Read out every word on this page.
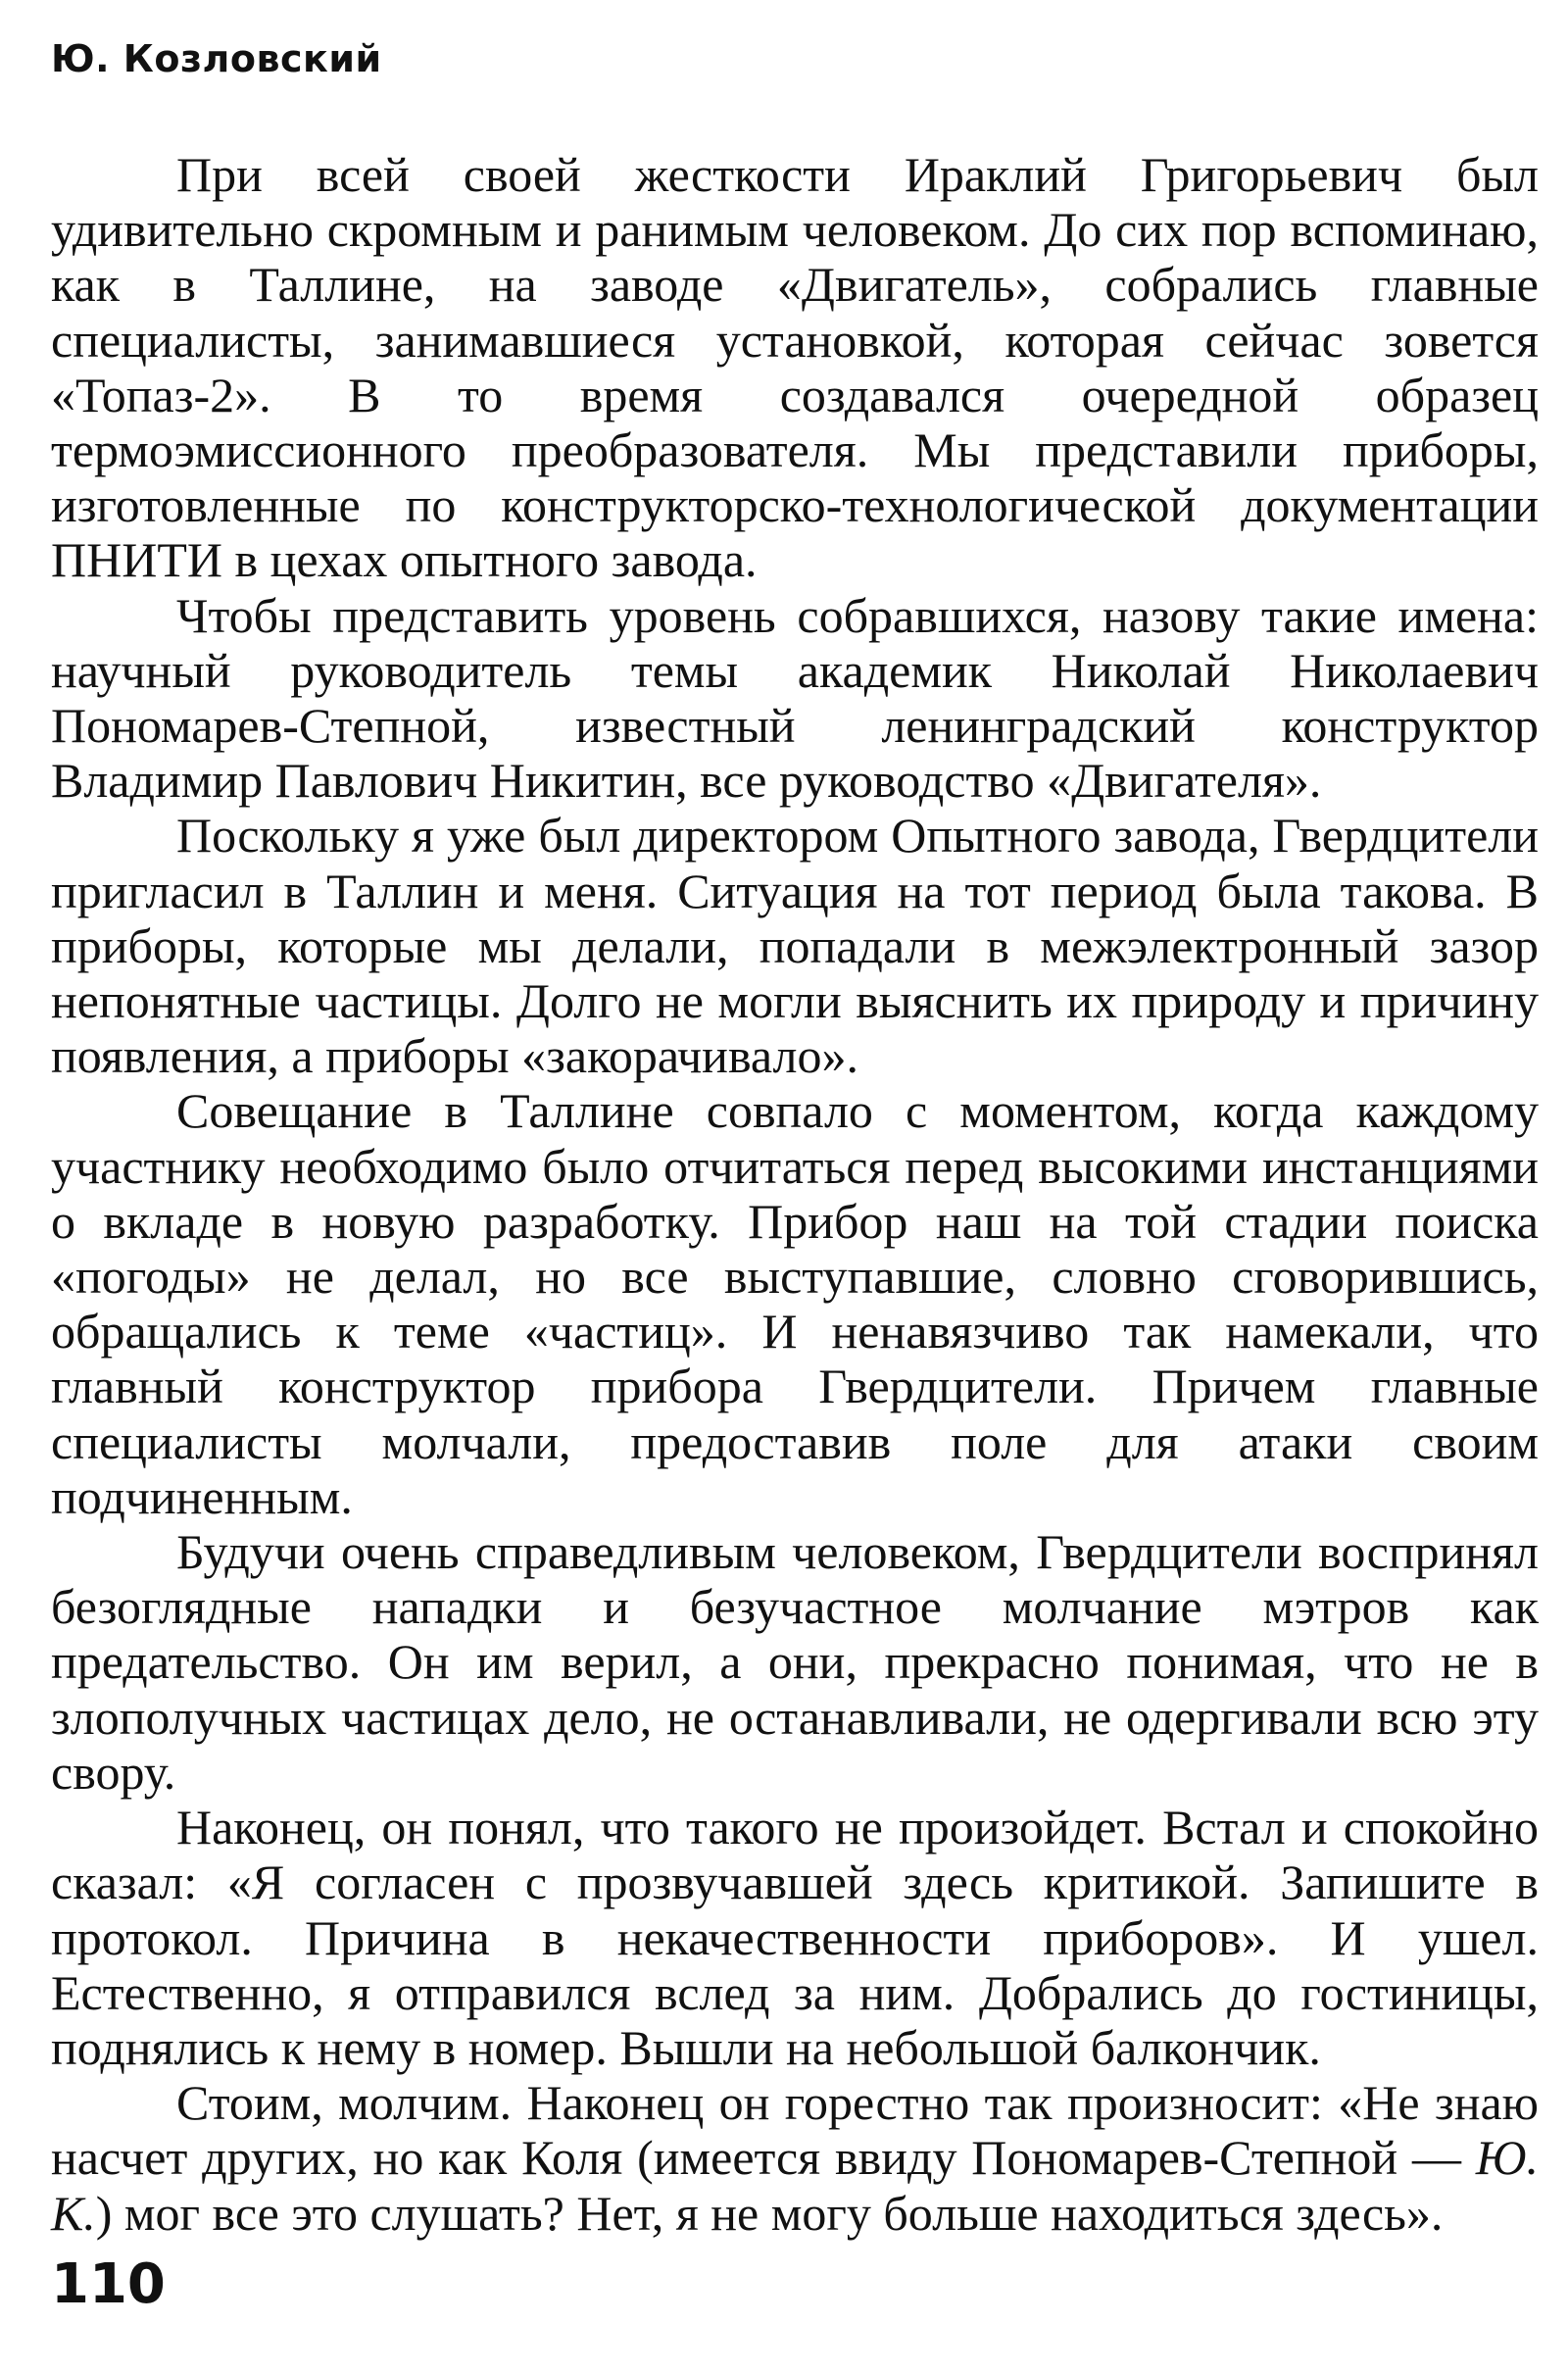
Ю. Козловский

При всей своей жесткости Ираклий Григорьевич был удивительно скромным и ранимым человеком. До сих пор вспоминаю, как в Таллине, на заводе «Двигатель», собрались главные специалисты, занимавшиеся установкой, которая сейчас зовется «Топаз-2». В то время создавался очередной образец термоэмиссионного преобразователя. Мы представили приборы, изготовленные по конструкторско-технологической документации ПНИТИ в цехах опытного завода.

Чтобы представить уровень собравшихся, назову такие имена: научный руководитель темы академик Николай Николаевич Пономарев-Степной, известный ленинградский конструктор Владимир Павлович Никитин, все руководство «Двигателя».

Поскольку я уже был директором Опытного завода, Гвердцители пригласил в Таллин и меня. Ситуация на тот период была такова. В приборы, которые мы делали, попадали в межэлектронный зазор непонятные частицы. Долго не могли выяснить их природу и причину появления, а приборы «закорачивало».

Совещание в Таллине совпало с моментом, когда каждому участнику необходимо было отчитаться перед высокими инстанциями о вкладе в новую разработку. Прибор наш на той стадии поиска «погоды» не делал, но все выступавшие, словно сговорившись, обращались к теме «частиц». И ненавязчиво так намекали, что главный конструктор прибора Гвердцители. Причем главные специалисты молчали, предоставив поле для атаки своим подчиненным.

Будучи очень справедливым человеком, Гвердцители воспринял безоглядные нападки и безучастное молчание мэтров как предательство. Он им верил, а они, прекрасно понимая, что не в злополучных частицах дело, не останавливали, не одергивали всю эту свору.

Наконец, он понял, что такого не произойдет. Встал и спокойно сказал: «Я согласен с прозвучавшей здесь критикой. Запишите в протокол. Причина в некачественности приборов». И ушел. Естественно, я отправился вслед за ним. Добрались до гостиницы, поднялись к нему в номер. Вышли на небольшой балкончик.

Стоим, молчим. Наконец он горестно так произносит: «Не знаю насчет других, но как Коля (имеется ввиду Пономарев-Степной — Ю. К.) мог все это слушать? Нет, я не могу больше находиться здесь».

110
